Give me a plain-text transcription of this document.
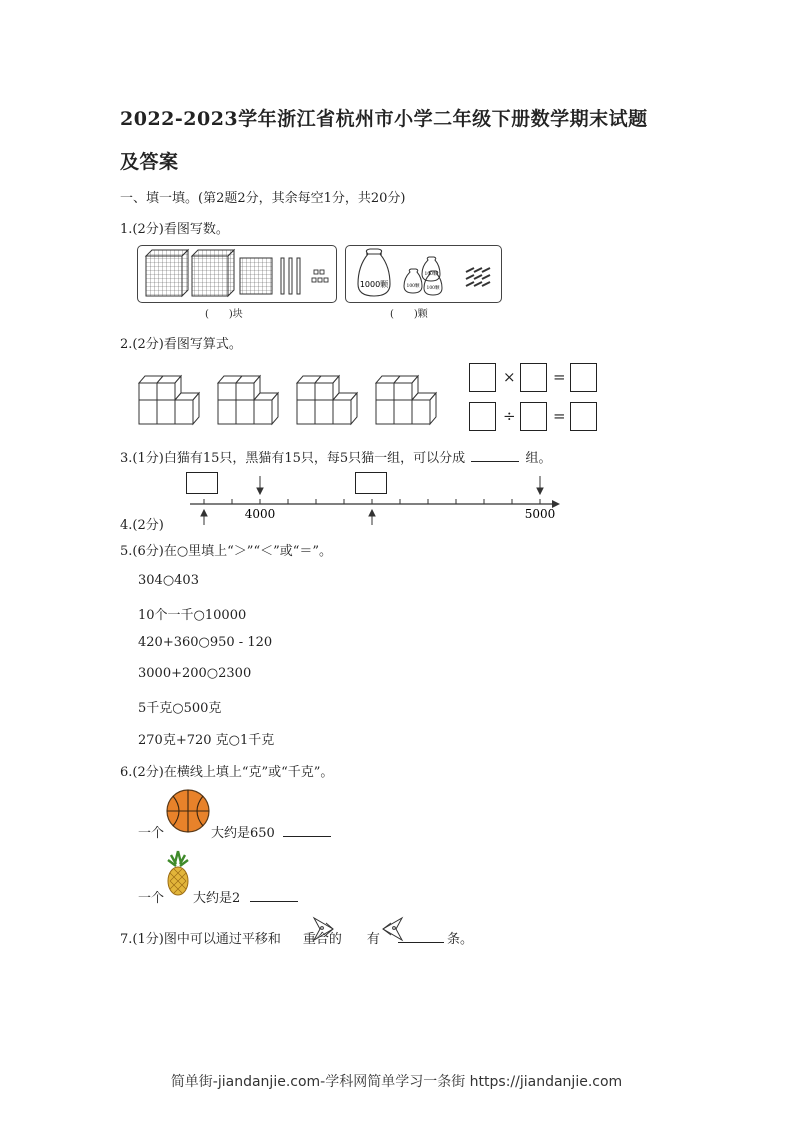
2022-2023学年浙江省杭州市小学二年级下册数学期末试题
及答案
一、填一填。(第2题2分，其余每空1分，共20分)
1.(2分)看图写数。
1000颗	100颗
100颗
100颗
(　　)块	(　　)颗
2.(2分)看图写算式。
× =
÷ =
3.(1分)白猫有15只，黑猫有15只，每5只猫一组，可以分成	组。
4000	5000
4.(2分)
5.(6分)在○里填上“＞”“＜”或“＝”。
304○403
10个一千○10000
420+360○950 - 120
3000+200○2300
5千克○500克
270克+720 克○1千克
6.(2分)在横线上填上“克”或“千克”。
一个	大约是650
一个 大约是2
7.(1分)图中可以通过平移和 重合的 有	条。
简单街-jiandanjie.com-学科网简单学习一条街 https://jiandanjie.com
